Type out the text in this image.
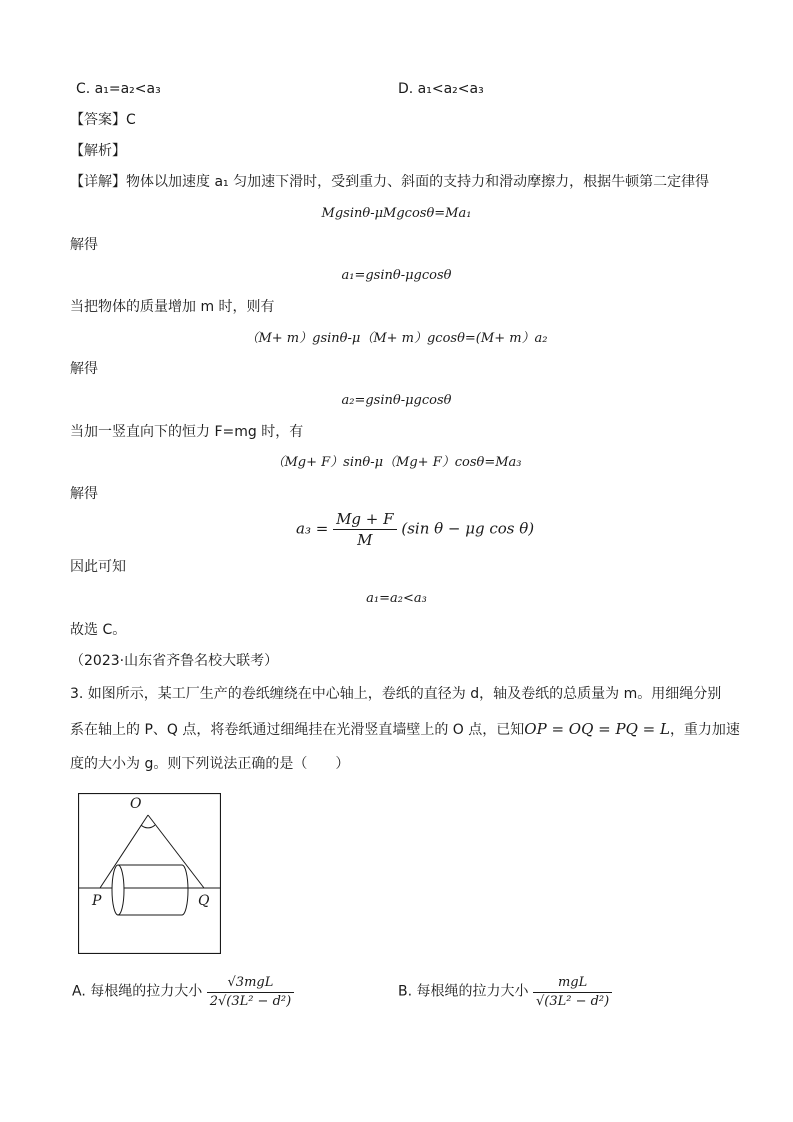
C. a₁=a₂<a₃	D. a₁<a₂<a₃
【答案】C
【解析】
【详解】物体以加速度 a₁ 匀加速下滑时，受到重力、斜面的支持力和滑动摩擦力，根据牛顿第二定律得
Mgsinθ-μMgcosθ=Ma₁
解得
a₁=gsinθ-μgcosθ
当把物体的质量增加 m 时，则有
（M+ m）gsinθ-μ（M+ m）gcosθ=(M+ m）a₂
解得
a₂=gsinθ-μgcosθ
当加一竖直向下的恒力 F=mg 时，有
（Mg+ F）sinθ-μ（Mg+ F）cosθ=Ma₃
解得
$a_3 = \frac{Mg + F}{M} (\sin$ θ − μg cos θ)
因此可知
a₁=a₂<a₃
故选 C。
（2023·山东省齐鲁名校大联考）
3. 如图所示，某工厂生产的卷纸缠绕在中心轴上，卷纸的直径为 d，轴及卷纸的总质量为 m。用细绳分别
系在轴上的 P、Q 点，将卷纸通过细绳挂在光滑竖直墙壁上的 O 点，已知OP = OQ = PQ = L，重力加速
度的大小为 g。则下列说法正确的是（　　）
O
P	Q
A. 每根绳的拉力大小 $\frac{\text{√3mgL}}{\text{2√(3L² − d²)}}$	B. 每根绳的拉力大小 $\frac{\text{mgL}}{\text{√(3L² − d²)}}$
